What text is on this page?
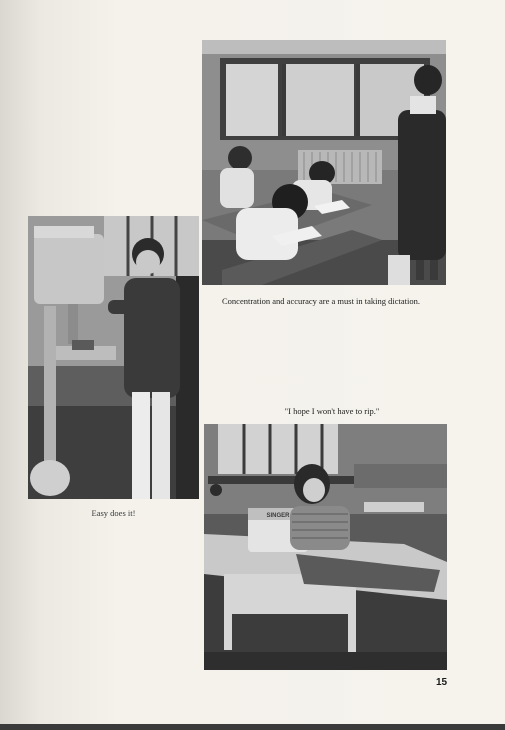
Concentration and accuracy are a must in taking dictation.
Easy does it!
"I hope I won't have to rip."
SINGER
15
